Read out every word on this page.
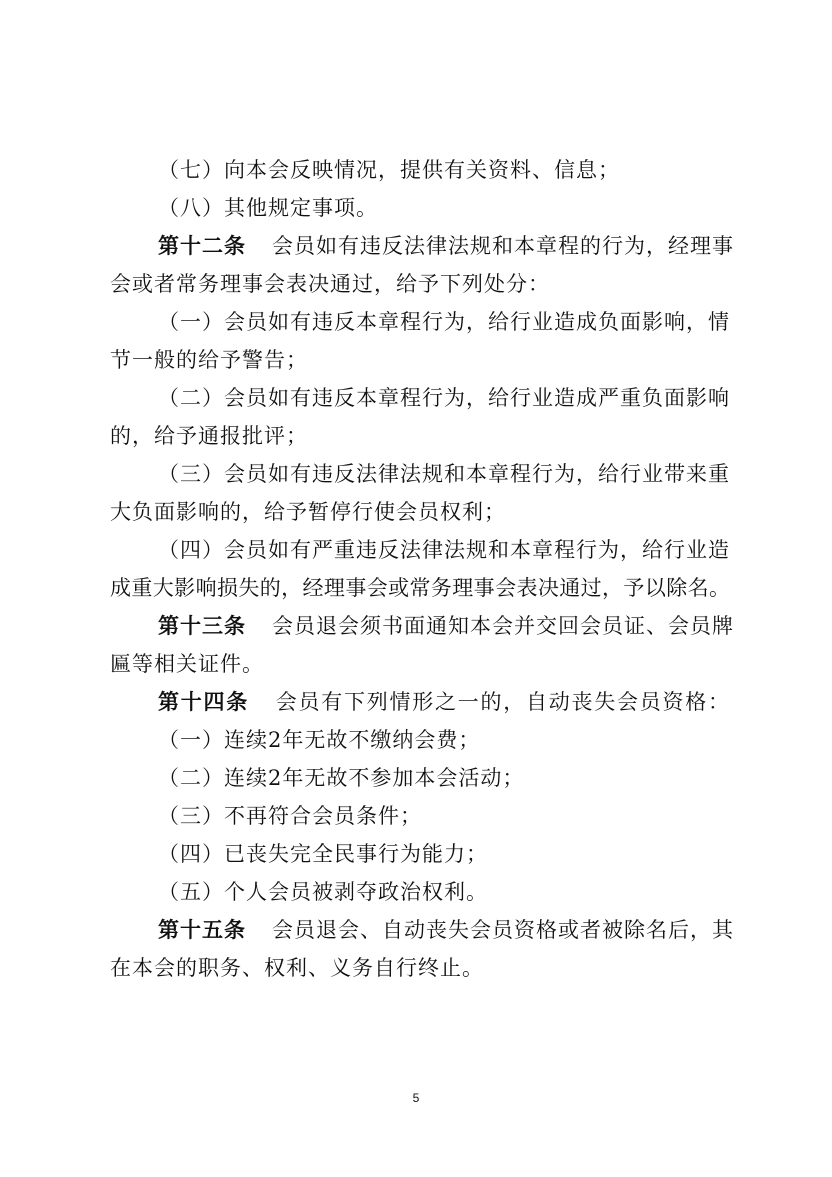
（七）向本会反映情况，提供有关资料、信息；
（八）其他规定事项。
第十二条 会员如有违反法律法规和本章程的行为，经理事
会或者常务理事会表决通过，给予下列处分：
（一）会员如有违反本章程行为，给行业造成负面影响，情
节一般的给予警告；
（二）会员如有违反本章程行为，给行业造成严重负面影响
的，给予通报批评；
（三）会员如有违反法律法规和本章程行为，给行业带来重
大负面影响的，给予暂停行使会员权利；
（四）会员如有严重违反法律法规和本章程行为，给行业造
成重大影响损失的，经理事会或常务理事会表决通过，予以除名。
第十三条 会员退会须书面通知本会并交回会员证、会员牌
匾等相关证件。
第十四条 会员有下列情形之一的，自动丧失会员资格：
（一）连续2年无故不缴纳会费；
（二）连续2年无故不参加本会活动；
（三）不再符合会员条件；
（四）已丧失完全民事行为能力；
（五）个人会员被剥夺政治权利。
第十五条 会员退会、自动丧失会员资格或者被除名后，其
在本会的职务、权利、义务自行终止。
5
